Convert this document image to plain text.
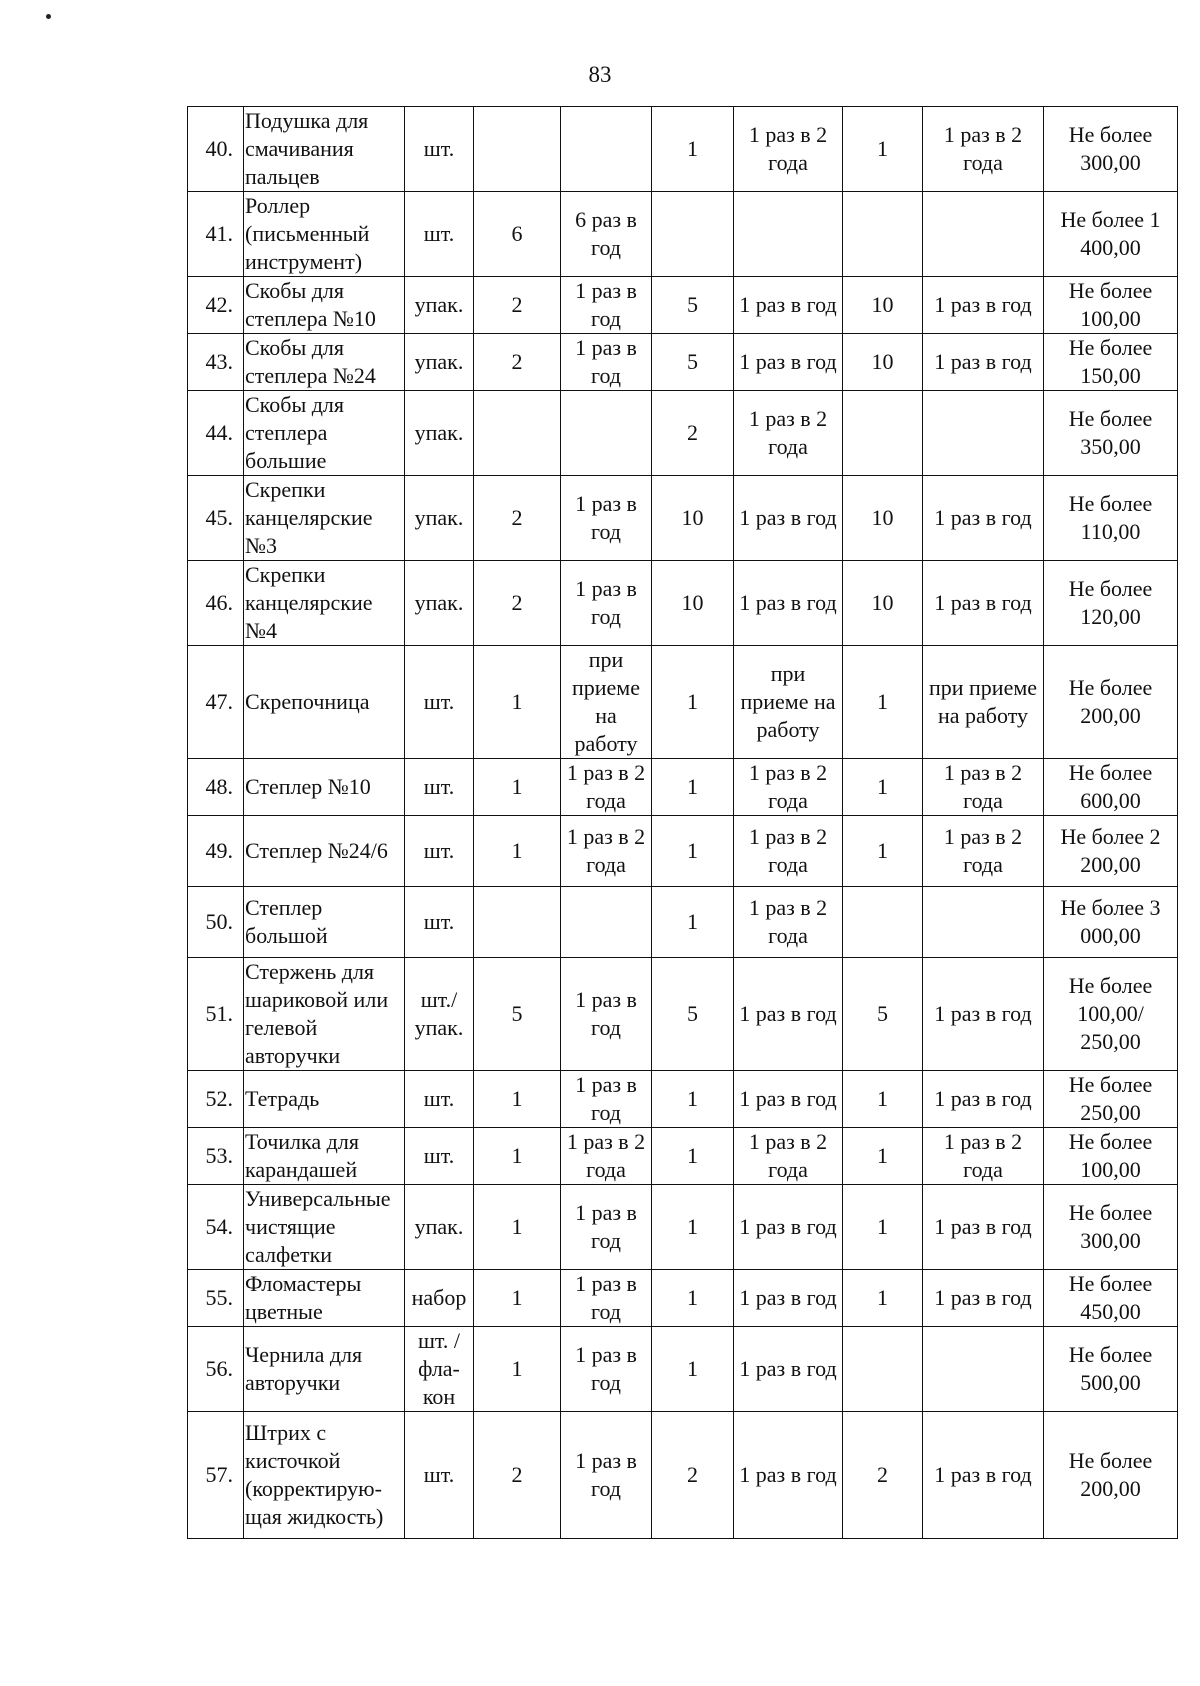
83
40.	Подушка для смачивания пальцев	шт.			1	1 раз в 2 года	1	1 раз в 2 года	Не более 300,00
41.	Роллер (письменный инструмент)	шт.	6	6 раз в год					Не более 1 400,00
42.	Скобы для степлера №10	упак.	2	1 раз в год	5	1 раз в год	10	1 раз в год	Не более 100,00
43.	Скобы для степлера №24	упак.	2	1 раз в год	5	1 раз в год	10	1 раз в год	Не более 150,00
44.	Скобы для степлера большие	упак.			2	1 раз в 2 года			Не более 350,00
45.	Скрепки канцелярские №3	упак.	2	1 раз в год	10	1 раз в год	10	1 раз в год	Не более 110,00
46.	Скрепки канцелярские №4	упак.	2	1 раз в год	10	1 раз в год	10	1 раз в год	Не более 120,00
47.	Скрепочница	шт.	1	при приеме на работу	1	при приеме на работу	1	при приеме на работу	Не более 200,00
48.	Степлер №10	шт.	1	1 раз в 2 года	1	1 раз в 2 года	1	1 раз в 2 года	Не более 600,00
49.	Степлер №24/6	шт.	1	1 раз в 2 года	1	1 раз в 2 года	1	1 раз в 2 года	Не более 2 200,00
50.	Степлер большой	шт.			1	1 раз в 2 года			Не более 3 000,00
51.	Стержень для шариковой или гелевой авторучки	шт./ упак.	5	1 раз в год	5	1 раз в год	5	1 раз в год	Не более 100,00/ 250,00
52.	Тетрадь	шт.	1	1 раз в год	1	1 раз в год	1	1 раз в год	Не более 250,00
53.	Точилка для карандашей	шт.	1	1 раз в 2 года	1	1 раз в 2 года	1	1 раз в 2 года	Не более 100,00
54.	Универсальные чистящие салфетки	упак.	1	1 раз в год	1	1 раз в год	1	1 раз в год	Не более 300,00
55.	Фломастеры цветные	набор	1	1 раз в год	1	1 раз в год	1	1 раз в год	Не более 450,00
56.	Чернила для авторучки	шт. / фла-кон	1	1 раз в год	1	1 раз в год			Не более 500,00
57.	Штрих с кисточкой (корректирую-щая жидкость)	шт.	2	1 раз в год	2	1 раз в год	2	1 раз в год	Не более 200,00
